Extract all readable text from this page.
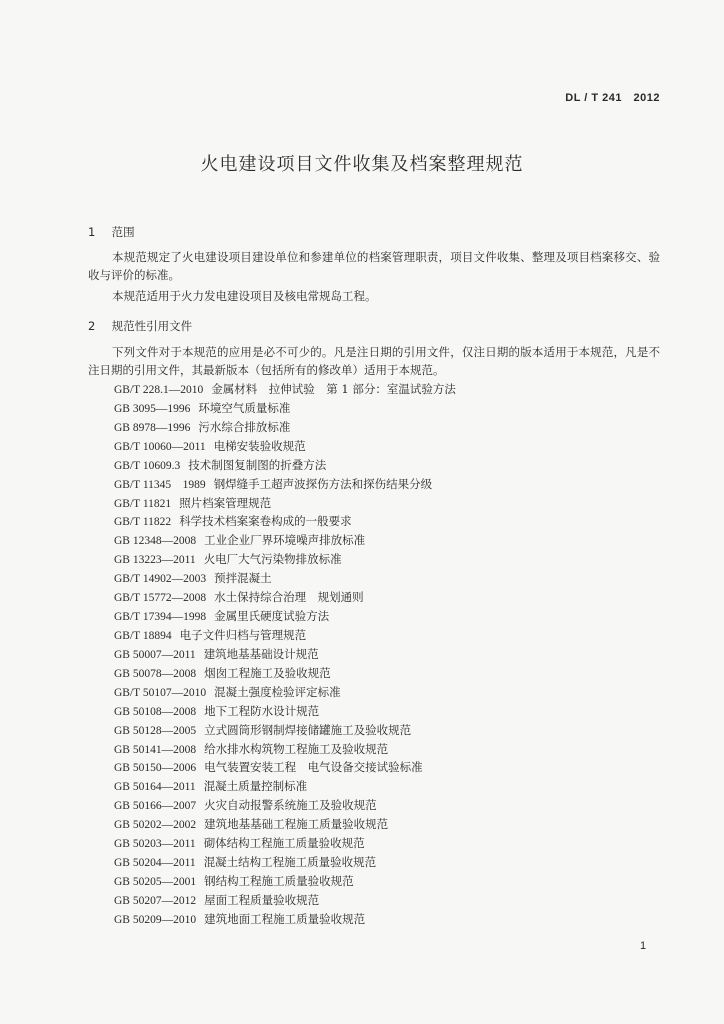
DL / T 241　2012
火电建设项目文件收集及档案整理规范
1 范围
本规范规定了火电建设项目建设单位和参建单位的档案管理职责，项目文件收集、整理及项目档案移交、验收与评价的标准。
本规范适用于火力发电建设项目及核电常规岛工程。
2 规范性引用文件
下列文件对于本规范的应用是必不可少的。凡是注日期的引用文件，仅注日期的版本适用于本规范，凡是不注日期的引用文件，其最新版本（包括所有的修改单）适用于本规范。
GB/T 228.1—2010 金属材料　拉伸试验　第 1 部分：室温试验方法
GB 3095—1996 环境空气质量标准
GB 8978—1996 污水综合排放标准
GB/T 10060—2011 电梯安装验收规范
GB/T 10609.3 技术制图复制图的折叠方法
GB/T 11345　1989 钢焊缝手工超声波探伤方法和探伤结果分级
GB/T 11821 照片档案管理规范
GB/T 11822 科学技术档案案卷构成的一般要求
GB 12348—2008 工业企业厂界环境噪声排放标准
GB 13223—2011 火电厂大气污染物排放标准
GB/T 14902—2003 预拌混凝土
GB/T 15772—2008 水土保持综合治理　规划通则
GB/T 17394—1998 金属里氏硬度试验方法
GB/T 18894 电子文件归档与管理规范
GB 50007—2011 建筑地基基础设计规范
GB 50078—2008 烟囱工程施工及验收规范
GB/T 50107—2010 混凝土强度检验评定标准
GB 50108—2008 地下工程防水设计规范
GB 50128—2005 立式圆筒形钢制焊接储罐施工及验收规范
GB 50141—2008 给水排水构筑物工程施工及验收规范
GB 50150—2006 电气装置安装工程　电气设备交接试验标准
GB 50164—2011 混凝土质量控制标准
GB 50166—2007 火灾自动报警系统施工及验收规范
GB 50202—2002 建筑地基基础工程施工质量验收规范
GB 50203—2011 砌体结构工程施工质量验收规范
GB 50204—2011 混凝土结构工程施工质量验收规范
GB 50205—2001 钢结构工程施工质量验收规范
GB 50207—2012 屋面工程质量验收规范
GB 50209—2010 建筑地面工程施工质量验收规范
1
